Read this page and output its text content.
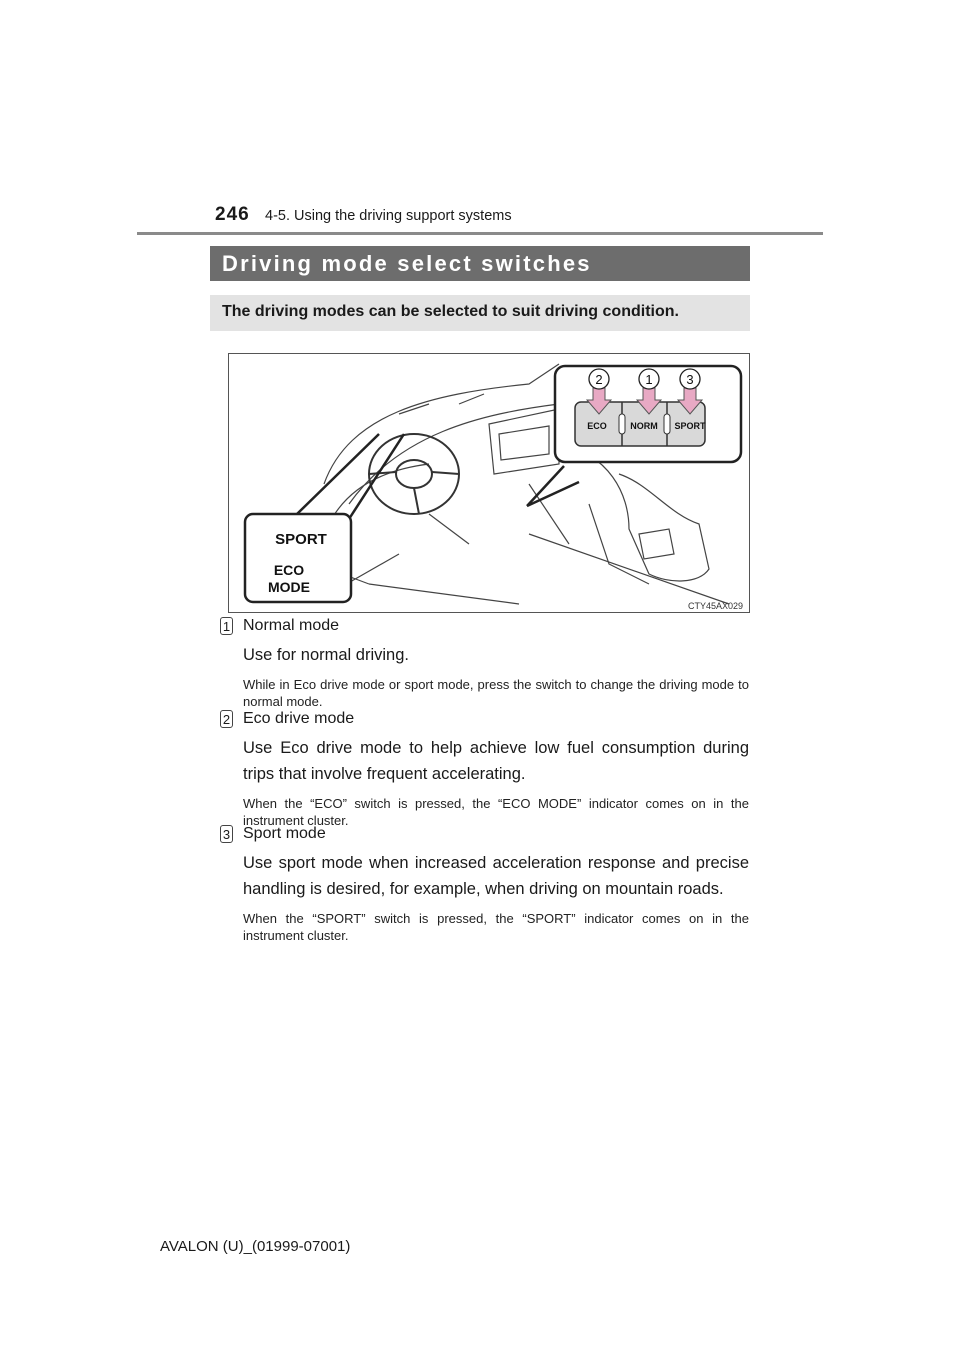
246 4-5. Using the driving support systems
Driving mode select switches
The driving modes can be selected to suit driving condition.
2	1	3
ECO	NORM SPORT
SPORT
ECO
MODE
CTY45AX029
1 Normal mode
Use for normal driving.
While in Eco drive mode or sport mode, press the switch to change the driving mode to normal mode.
2 Eco drive mode
Use Eco drive mode to help achieve low fuel consumption during trips that involve frequent accelerating.
When the “ECO” switch is pressed, the “ECO MODE” indicator comes on in the instrument cluster.
3 Sport mode
Use sport mode when increased acceleration response and precise handling is desired, for example, when driving on mountain roads.
When the “SPORT” switch is pressed, the “SPORT” indicator comes on in the instrument cluster.
AVALON (U)_(01999-07001)
